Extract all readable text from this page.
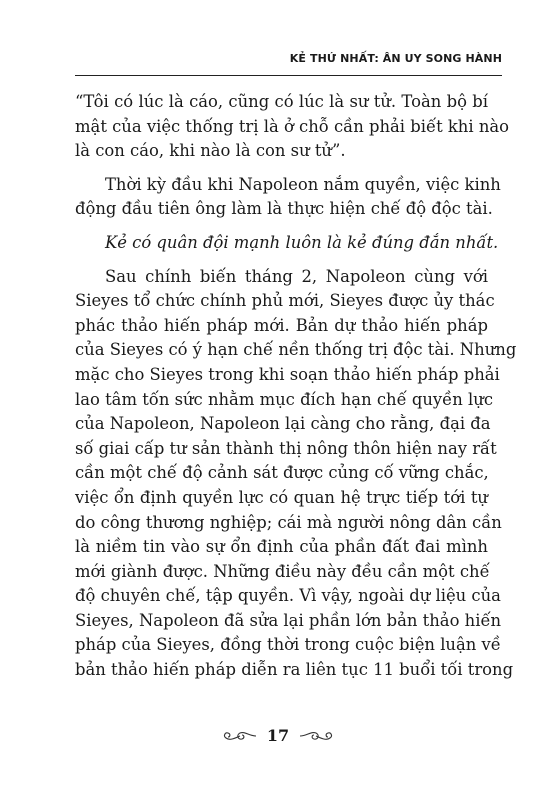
KẺ THỨ NHẤT: ÂN UY SONG HÀNH

“Tôi có lúc là cáo, cũng có lúc là sư tử. Toàn bộ bí
mật của việc thống trị là ở chỗ cần phải biết khi nào
là con cáo, khi nào là con sư tử”.

Thời kỳ đầu khi Napoleon nắm quyền, việc kinh
động đầu tiên ông làm là thực hiện chế độ độc tài.

Kẻ có quân đội mạnh luôn là kẻ đúng đắn nhất.

Sau chính biến tháng 2, Napoleon cùng với
Sieyes tổ chức chính phủ mới, Sieyes được ủy thác
phác thảo hiến pháp mới. Bản dự thảo hiến pháp
của Sieyes có ý hạn chế nền thống trị độc tài. Nhưng
mặc cho Sieyes trong khi soạn thảo hiến pháp phải
lao tâm tốn sức nhằm mục đích hạn chế quyền lực
của Napoleon, Napoleon lại càng cho rằng, đại đa
số giai cấp tư sản thành thị nông thôn hiện nay rất
cần một chế độ cảnh sát được củng cố vững chắc,
việc ổn định quyền lực có quan hệ trực tiếp tới tự
do công thương nghiệp; cái mà người nông dân cần
là niềm tin vào sự ổn định của phần đất đai mình
mới giành được. Những điều này đều cần một chế
độ chuyên chế, tập quyền. Vì vậy, ngoài dự liệu của
Sieyes, Napoleon đã sửa lại phần lớn bản thảo hiến
pháp của Sieyes, đồng thời trong cuộc biện luận về
bản thảo hiến pháp diễn ra liên tục 11 buổi tối trong

17
